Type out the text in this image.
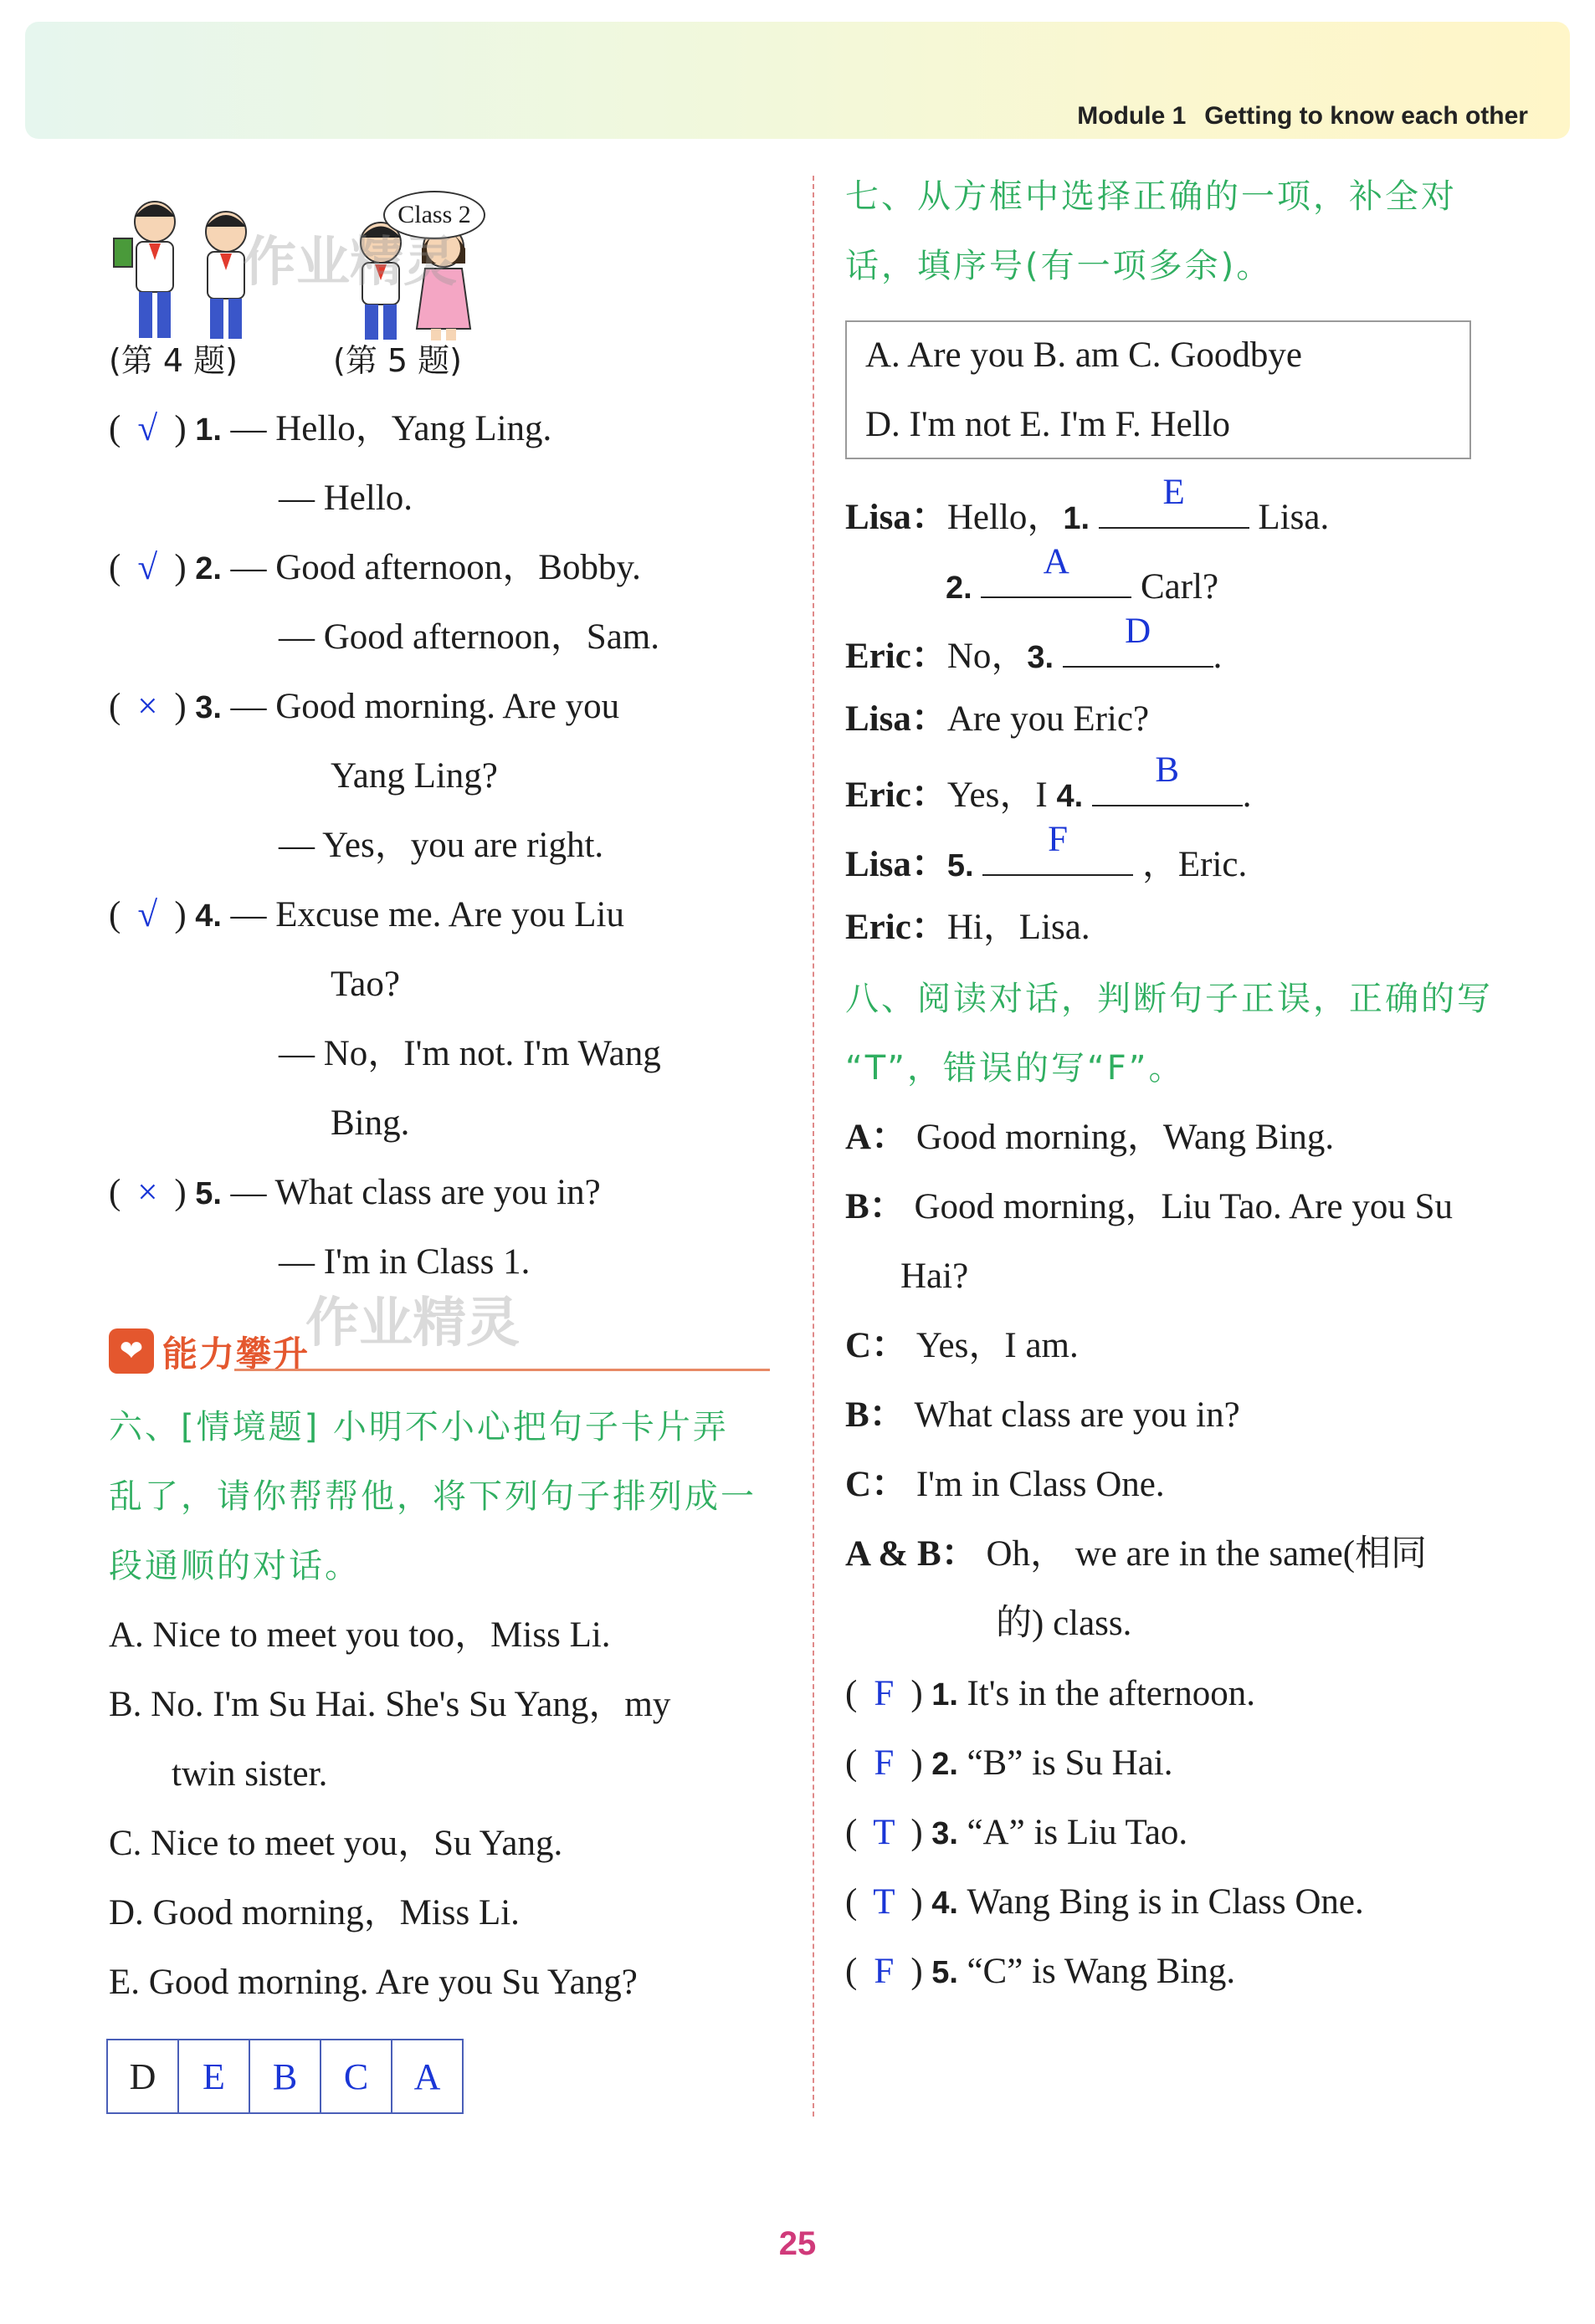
Module 1 Getting to know each other
Class 2
(第 4 题)	(第 5 题)
作业精灵
( √ ) 1. — Hello，Yang Ling.
— Hello.
( √ ) 2. — Good afternoon，Bobby.
— Good afternoon，Sam.
( × ) 3. — Good morning. Are you
Yang Ling?
— Yes，you are right.
( √ ) 4. — Excuse me. Are you Liu
Tao?
— No，I'm not. I'm Wang
Bing.
( × ) 5. — What class are you in?
— I'm in Class 1.
❤ 能力攀升
作业精灵
六、[情境题] 小明不小心把句子卡片弄
乱了，请你帮帮他，将下列句子排列成一
段通顺的对话。
A. Nice to meet you too，Miss Li.
B. No. I'm Su Hai. She's Su Yang，my
twin sister.
C. Nice to meet you，Su Yang.
D. Good morning，Miss Li.
E. Good morning. Are you Su Yang?
D	E	B	C	A
七、从方框中选择正确的一项，补全对
话，填序号(有一项多余)。
A. Are you B. am C. Goodbye
D. I'm not E. I'm F. Hello
Lisa：Hello，1.
E
Lisa.
2.
A
Carl?
Eric：No，3.
D
.
Lisa：Are you Eric?
Eric：Yes，I 4.
B
.
Lisa：5.
F
，Eric.
Eric：Hi，Lisa.
八、阅读对话，判断句子正误，正确的写
“T”，错误的写“F”。
A： Good morning，Wang Bing.
B： Good morning，Liu Tao. Are you Su
Hai?
C： Yes，I am.
B： What class are you in?
C： I'm in Class One.
A & B： Oh， we are in the same(相同
的) class.
( F ) 1. It's in the afternoon.
( F ) 2. “B” is Su Hai.
( T ) 3. “A” is Liu Tao.
( T ) 4. Wang Bing is in Class One.
( F ) 5. “C” is Wang Bing.
25
